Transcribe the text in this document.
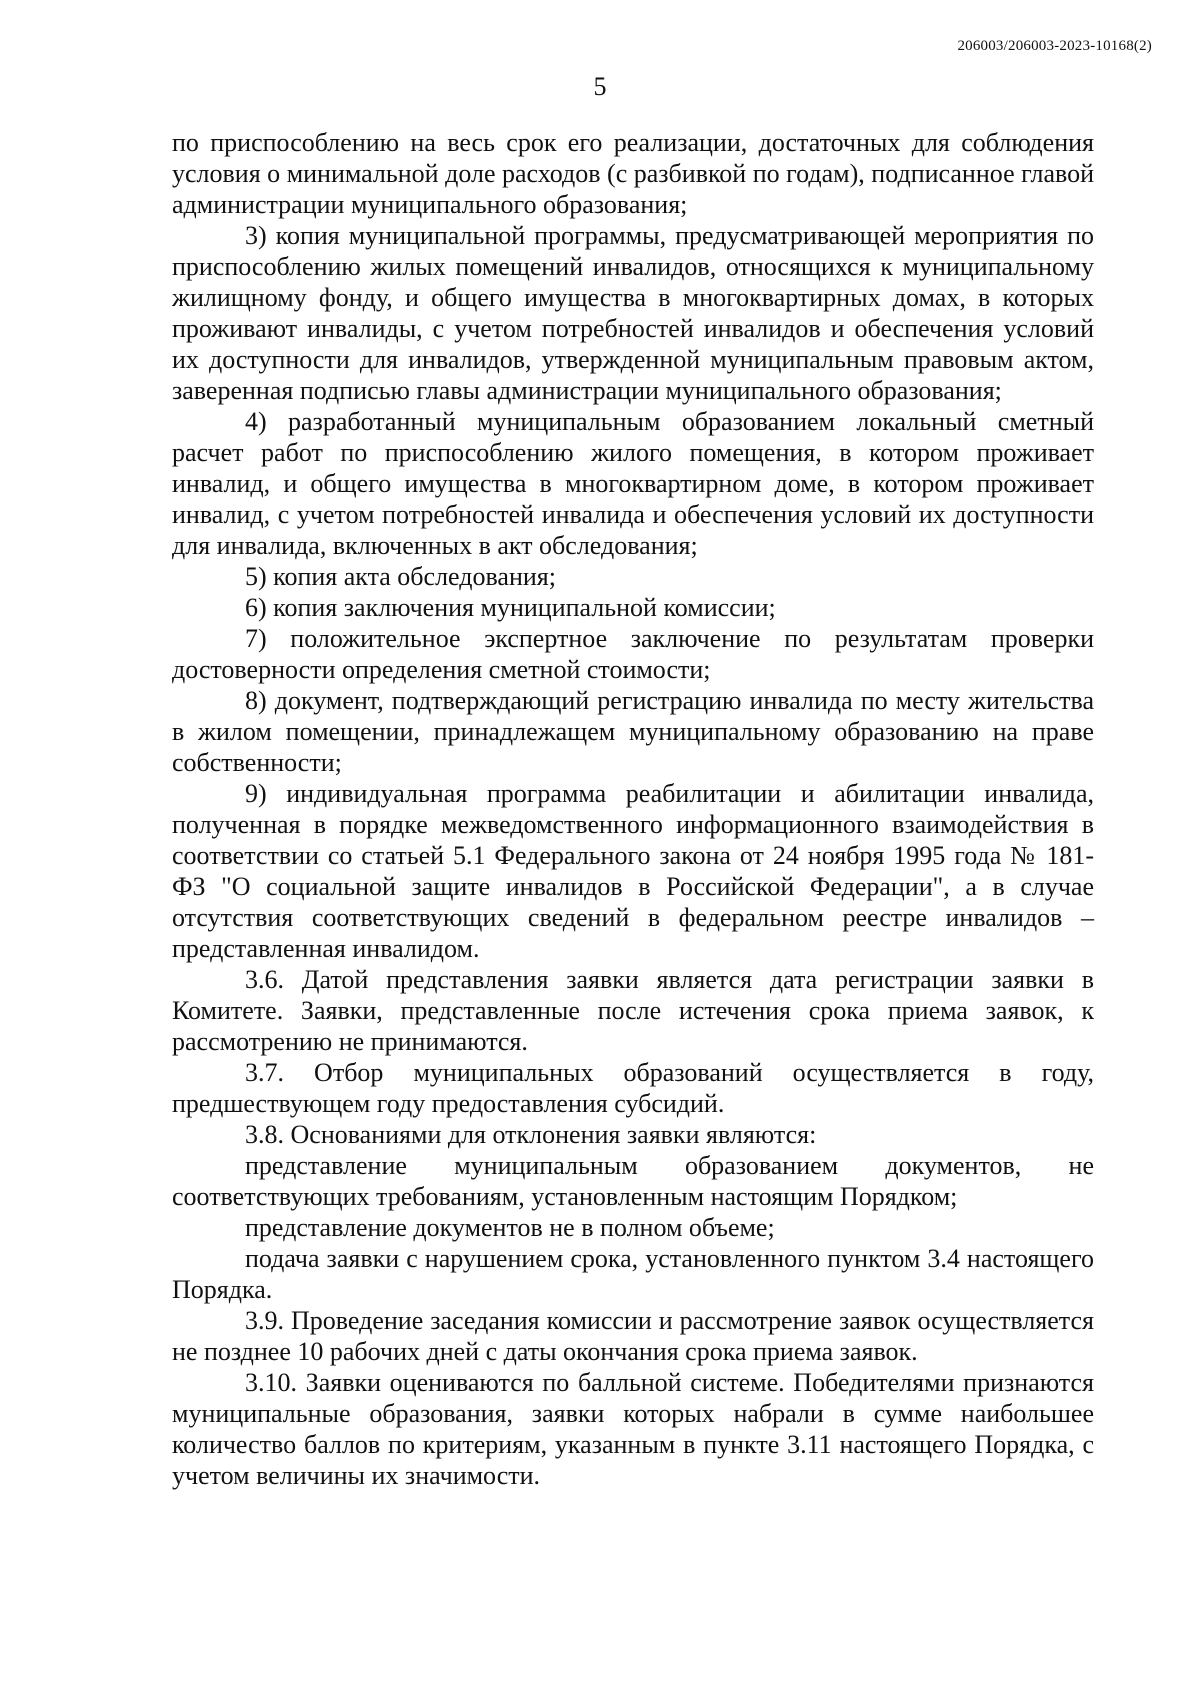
206003/206003-2023-10168(2)
5

по приспособлению на весь срок его реализации, достаточных для соблюдения условия о минимальной доле расходов (с разбивкой по годам), подписанное главой администрации муниципального образования;

3) копия муниципальной программы, предусматривающей мероприятия по приспособлению жилых помещений инвалидов, относящихся к муниципальному жилищному фонду, и общего имущества в многоквартирных домах, в которых проживают инвалиды, с учетом потребностей инвалидов и обеспечения условий их доступности для инвалидов, утвержденной муниципальным правовым актом, заверенная подписью главы администрации муниципального образования;

4) разработанный муниципальным образованием локальный сметный расчет работ по приспособлению жилого помещения, в котором проживает инвалид, и общего имущества в многоквартирном доме, в котором проживает инвалид, с учетом потребностей инвалида и обеспечения условий их доступности для инвалида, включенных в акт обследования;

5) копия акта обследования;

6) копия заключения муниципальной комиссии;

7) положительное экспертное заключение по результатам проверки достоверности определения сметной стоимости;

8) документ, подтверждающий регистрацию инвалида по месту жительства в жилом помещении, принадлежащем муниципальному образованию на праве собственности;

9) индивидуальная программа реабилитации и абилитации инвалида, полученная в порядке межведомственного информационного взаимодействия в соответствии со статьей 5.1 Федерального закона от 24 ноября 1995 года № 181-ФЗ "О социальной защите инвалидов в Российской Федерации", а в случае отсутствия соответствующих сведений в федеральном реестре инвалидов – представленная инвалидом.

3.6. Датой представления заявки является дата регистрации заявки в Комитете. Заявки, представленные после истечения срока приема заявок, к рассмотрению не принимаются.

3.7. Отбор муниципальных образований осуществляется в году, предшествующем году предоставления субсидий.

3.8. Основаниями для отклонения заявки являются:

представление муниципальным образованием документов, не соответствующих требованиям, установленным настоящим Порядком;

представление документов не в полном объеме;

подача заявки с нарушением срока, установленного пунктом 3.4 настоящего Порядка.

3.9. Проведение заседания комиссии и рассмотрение заявок осуществляется не позднее 10 рабочих дней с даты окончания срока приема заявок.

3.10. Заявки оцениваются по балльной системе. Победителями признаются муниципальные образования, заявки которых набрали в сумме наибольшее количество баллов по критериям, указанным в пункте 3.11 настоящего Порядка, с учетом величины их значимости.
